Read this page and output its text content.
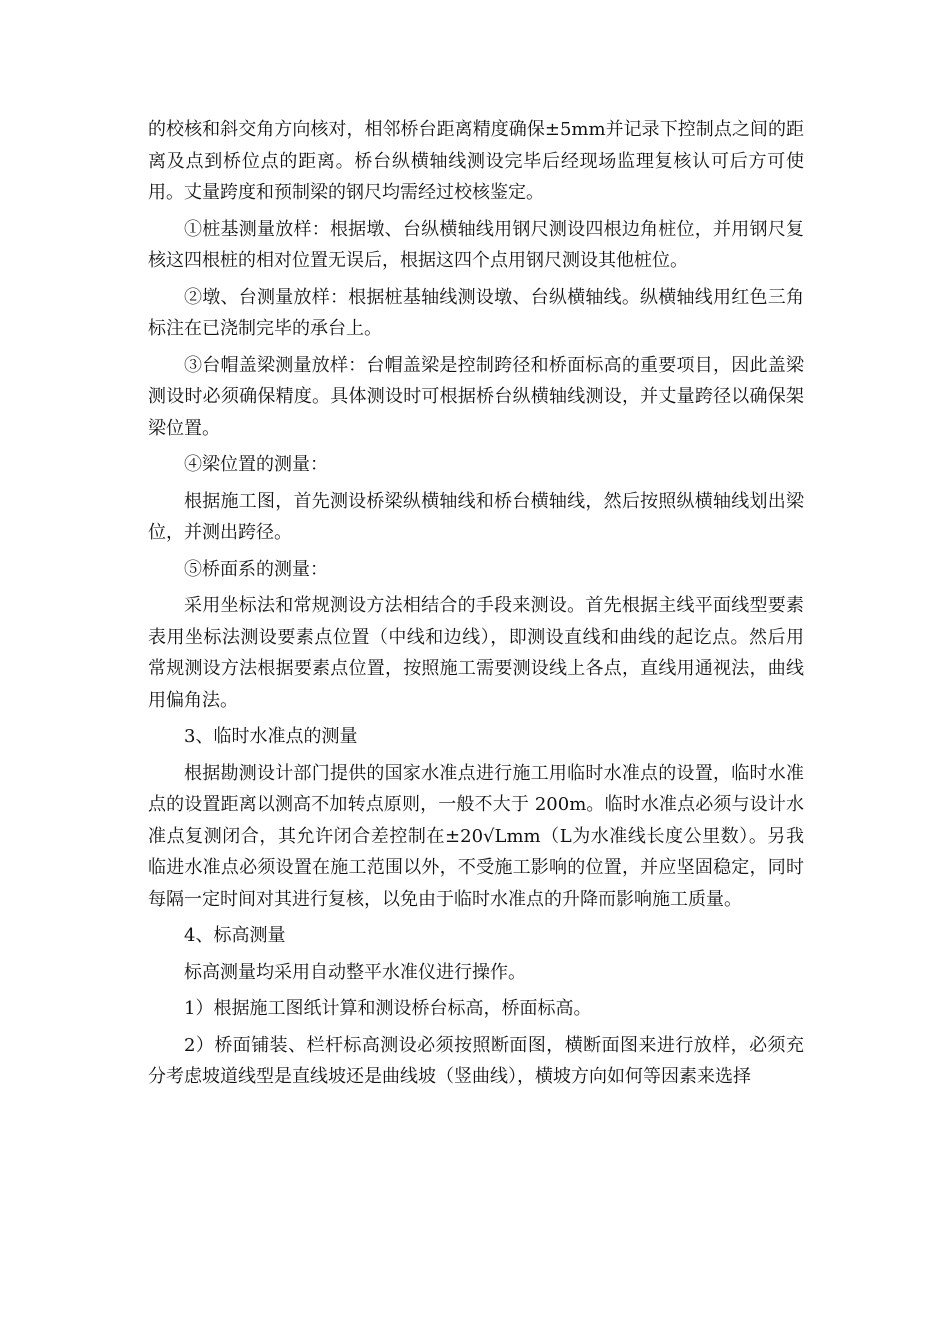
的校核和斜交角方向核对，相邻桥台距离精度确保±5mm并记录下控制点之间的距离及点到桥位点的距离。桥台纵横轴线测设完毕后经现场监理复核认可后方可使用。丈量跨度和预制梁的钢尺均需经过校核鉴定。

①桩基测量放样：根据墩、台纵横轴线用钢尺测设四根边角桩位，并用钢尺复核这四根桩的相对位置无误后，根据这四个点用钢尺测设其他桩位。

②墩、台测量放样：根据桩基轴线测设墩、台纵横轴线。纵横轴线用红色三角标注在已浇制完毕的承台上。

③台帽盖梁测量放样：台帽盖梁是控制跨径和桥面标高的重要项目，因此盖梁测设时必须确保精度。具体测设时可根据桥台纵横轴线测设，并丈量跨径以确保架梁位置。

④梁位置的测量：

根据施工图，首先测设桥梁纵横轴线和桥台横轴线，然后按照纵横轴线划出梁位，并测出跨径。

⑤桥面系的测量：

采用坐标法和常规测设方法相结合的手段来测设。首先根据主线平面线型要素表用坐标法测设要素点位置（中线和边线），即测设直线和曲线的起讫点。然后用常规测设方法根据要素点位置，按照施工需要测设线上各点，直线用通视法，曲线用偏角法。

3、临时水准点的测量

根据勘测设计部门提供的国家水准点进行施工用临时水准点的设置，临时水准点的设置距离以测高不加转点原则，一般不大于 200m。临时水准点必须与设计水准点复测闭合，其允许闭合差控制在±20√Lmm（L为水准线长度公里数）。另我临进水准点必须设置在施工范围以外，不受施工影响的位置，并应坚固稳定，同时每隔一定时间对其进行复核，以免由于临时水准点的升降而影响施工质量。

4、标高测量

标高测量均采用自动整平水准仪进行操作。

1）根据施工图纸计算和测设桥台标高，桥面标高。

2）桥面铺装、栏杆标高测设必须按照断面图，横断面图来进行放样，必须充分考虑坡道线型是直线坡还是曲线坡（竖曲线），横坡方向如何等因素来选择
